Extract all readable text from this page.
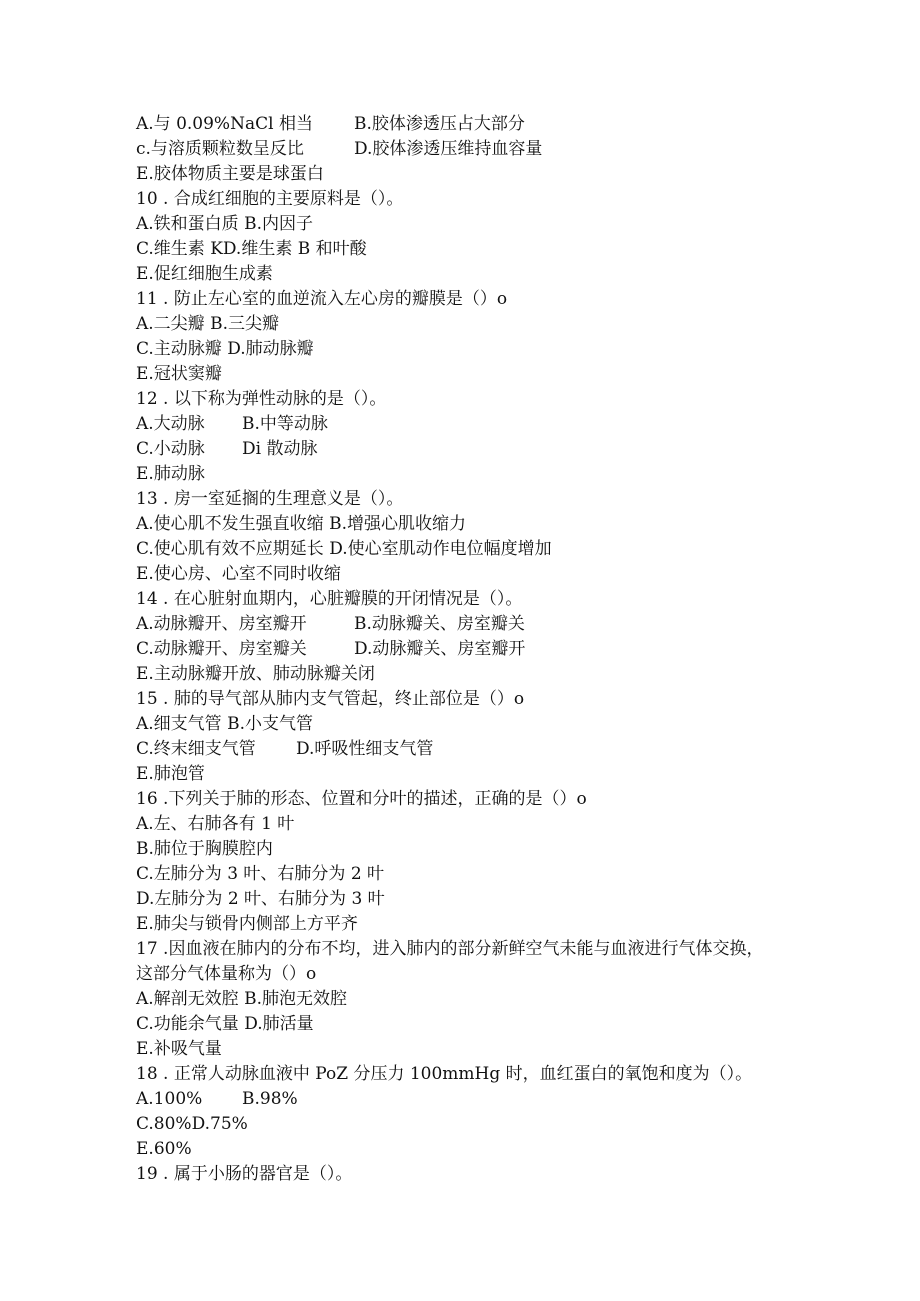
A.与 0.09%NaCl 相当 B.胶体渗透压占大部分
c.与溶质颗粒数呈反比	D.胶体渗透压维持血容量
E.胶体物质主要是球蛋白
10 . 合成红细胞的主要原料是（）。
A.铁和蛋白质 B.内因子
C.维生素 KD.维生素 B 和叶酸
E.促红细胞生成素
11 . 防止左心室的血逆流入左心房的瓣膜是（）o
A.二尖瓣 B.三尖瓣
C.主动脉瓣 D.肺动脉瓣
E.冠状窦瓣
12 . 以下称为弹性动脉的是（）。
A.大动脉 B.中等动脉
C.小动脉 Di 散动脉
E.肺动脉
13 . 房一室延搁的生理意义是（）。
A.使心肌不发生强直收缩 B.增强心肌收缩力
C.使心肌有效不应期延长 D.使心室肌动作电位幅度增加
E.使心房、心室不同时收缩
14 . 在心脏射血期内，心脏瓣膜的开闭情况是（）。
A.动脉瓣开、房室瓣开	B.动脉瓣关、房室瓣关
C.动脉瓣开、房室瓣关	D.动脉瓣关、房室瓣开
E.主动脉瓣开放、肺动脉瓣关闭
15 . 肺的导气部从肺内支气管起，终止部位是（）o
A.细支气管 B.小支气管
C.终末细支气管 D.呼吸性细支气管
E.肺泡管
16 .下列关于肺的形态、位置和分叶的描述，正确的是（）o
A.左、右肺各有 1 叶
B.肺位于胸膜腔内
C.左肺分为 3 叶、右肺分为 2 叶
D.左肺分为 2 叶、右肺分为 3 叶
E.肺尖与锁骨内侧部上方平齐
17 .因血液在肺内的分布不均，进入肺内的部分新鲜空气未能与血液进行气体交换，
这部分气体量称为（）o
A.解剖无效腔 B.肺泡无效腔
C.功能余气量 D.肺活量
E.补吸气量
18 . 正常人动脉血液中 PoZ 分压力 100mmHg 时，血红蛋白的氧饱和度为（）。
A.100% B.98%
C.80%D.75%
E.60%
19 . 属于小肠的器官是（）。
